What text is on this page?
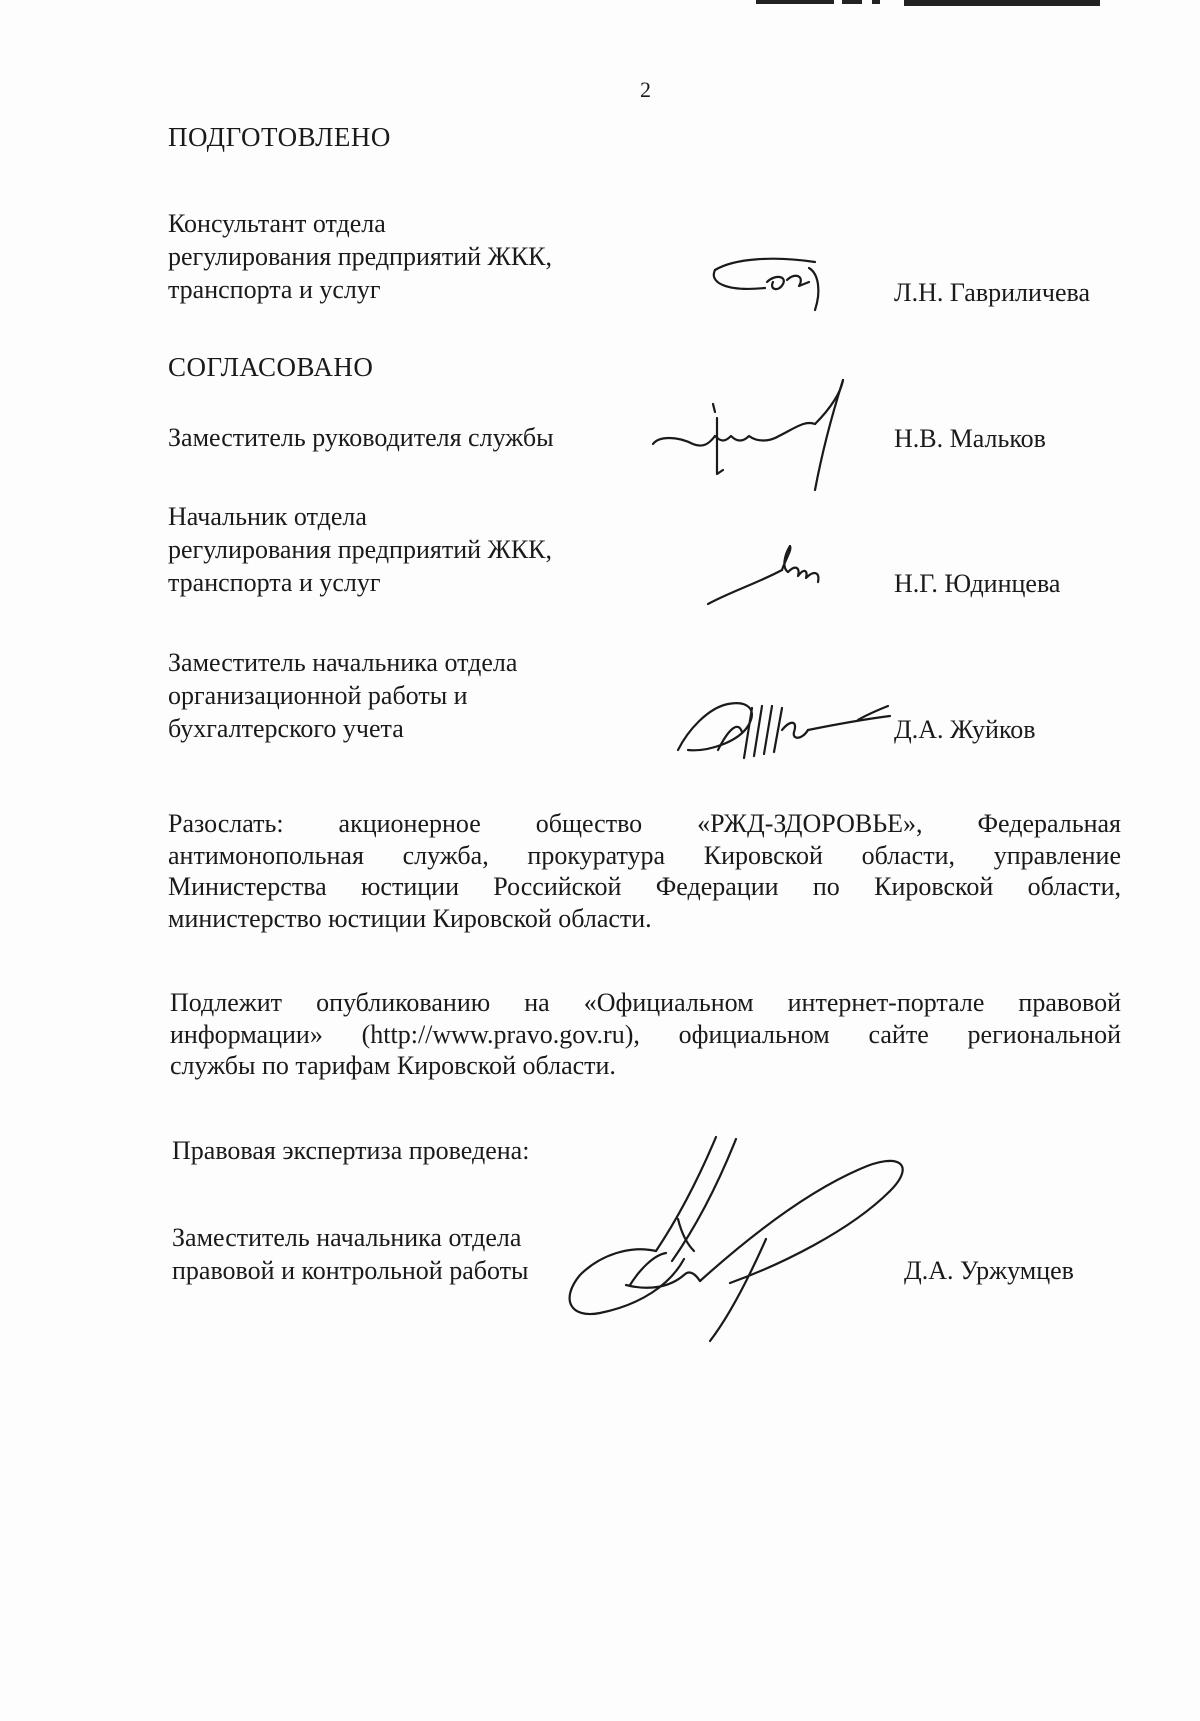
2
ПОДГОТОВЛЕНО
Консультант отдела
регулирования предприятий ЖКК,
транспорта и услуг	Л.Н. Гавриличева
СОГЛАСОВАНО
Заместитель руководителя службы	Н.В. Мальков
Начальник отдела
регулирования предприятий ЖКК,
транспорта и услуг	Н.Г. Юдинцева
Заместитель начальника отдела
организационной работы и
бухгалтерского учета	Д.А. Жуйков
Разослать: акционерное общество «РЖД-ЗДОРОВЬЕ», Федеральная
антимонопольная служба, прокуратура Кировской области, управление
Министерства юстиции Российской Федерации по Кировской области,
министерство юстиции Кировской области.
Подлежит опубликованию на «Официальном интернет-портале правовой
информации» (http://www.pravo.gov.ru), официальном сайте региональной
службы по тарифам Кировской области.
Правовая экспертиза проведена:
Заместитель начальника отдела
правовой и контрольной работы	Д.А. Уржумцев
